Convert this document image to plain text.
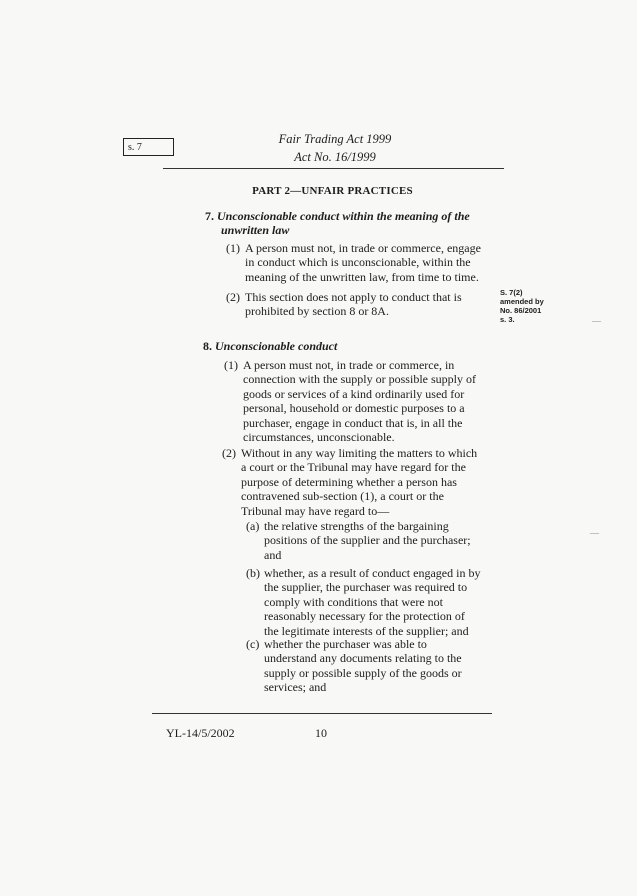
s. 7
Fair Trading Act 1999
Act No. 16/1999
PART 2—UNFAIR PRACTICES
7. Unconscionable conduct within the meaning of the
unwritten law
(1) A person must not, in trade or commerce, engage
in conduct which is unconscionable, within the
meaning of the unwritten law, from time to time.
(2) This section does not apply to conduct that is
prohibited by section 8 or 8A.
S. 7(2)
amended by
No. 86/2001
s. 3.
8. Unconscionable conduct
(1) A person must not, in trade or commerce, in
connection with the supply or possible supply of
goods or services of a kind ordinarily used for
personal, household or domestic purposes to a
purchaser, engage in conduct that is, in all the
circumstances, unconscionable.
(2) Without in any way limiting the matters to which
a court or the Tribunal may have regard for the
purpose of determining whether a person has
contravened sub-section (1), a court or the
Tribunal may have regard to—
(a) the relative strengths of the bargaining
positions of the supplier and the purchaser;
and
(b) whether, as a result of conduct engaged in by
the supplier, the purchaser was required to
comply with conditions that were not
reasonably necessary for the protection of
the legitimate interests of the supplier; and
(c) whether the purchaser was able to
understand any documents relating to the
supply or possible supply of the goods or
services; and
YL-14/5/2002	10
—
—
